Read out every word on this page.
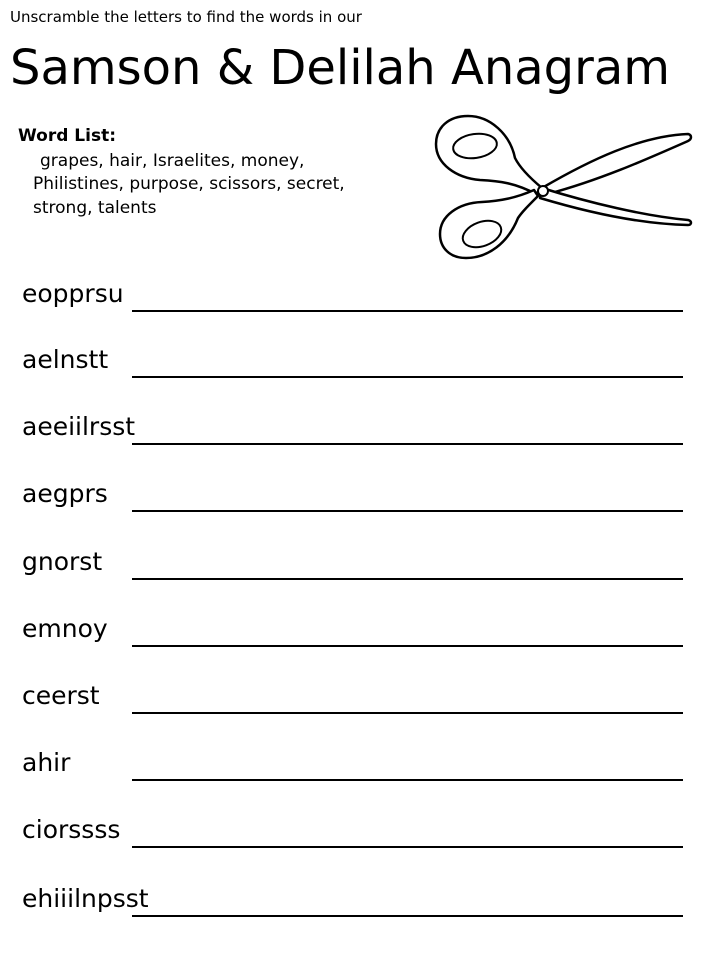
Unscramble the letters to find the words in our
Samson & Delilah Anagram
Word List:
grapes, hair, Israelites, money,
Philistines, purpose, scissors, secret,
strong, talents
eopprsu
aelnstt
aeeiilrsst
aegprs
gnorst
emnoy
ceerst
ahir
ciorssss
ehiiilnpsst
